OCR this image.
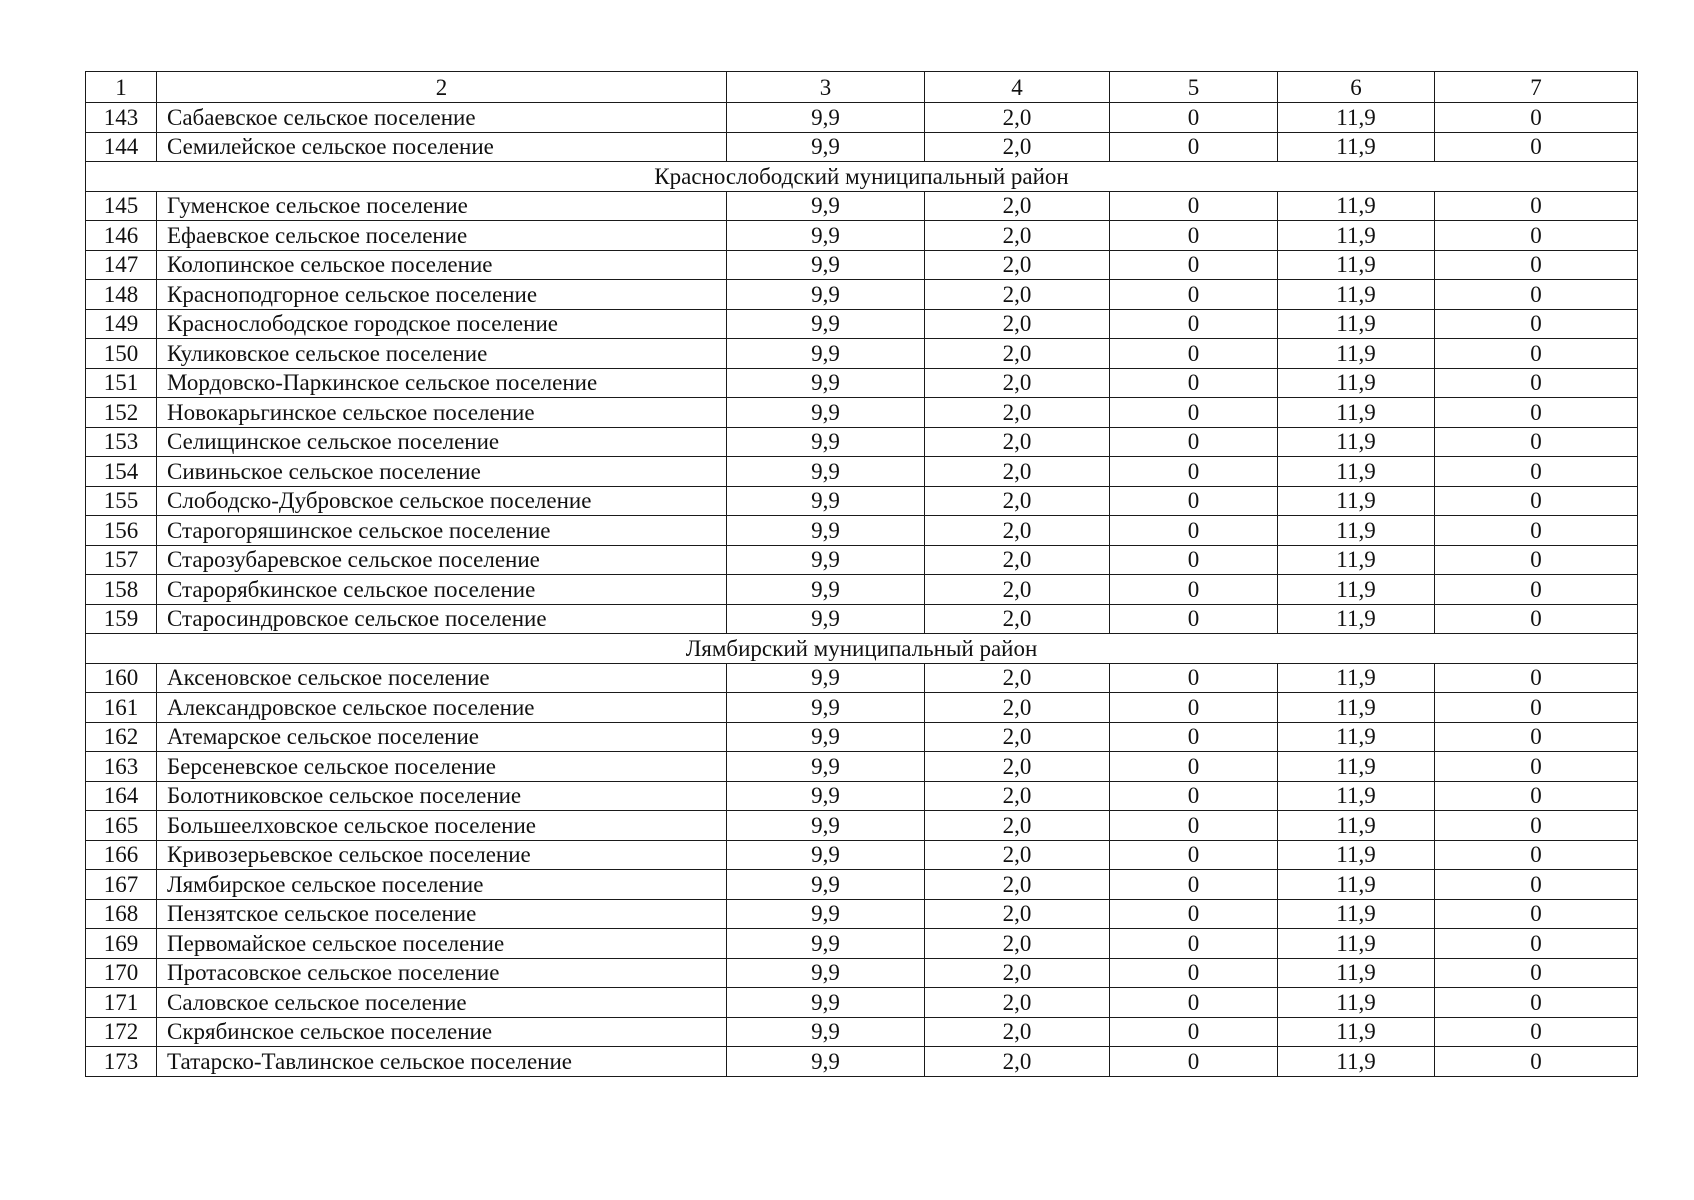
1	2	3	4	5	6	7
143	Сабаевское сельское поселение	9,9	2,0	0	11,9	0
144	Семилейское сельское поселение	9,9	2,0	0	11,9	0
Краснослободский муниципальный район						
145	Гуменское сельское поселение	9,9	2,0	0	11,9	0
146	Ефаевское сельское поселение	9,9	2,0	0	11,9	0
147	Колопинское сельское поселение	9,9	2,0	0	11,9	0
148	Красноподгорное сельское поселение	9,9	2,0	0	11,9	0
149	Краснослободское городское поселение	9,9	2,0	0	11,9	0
150	Куликовское сельское поселение	9,9	2,0	0	11,9	0
151	Мордовско-Паркинское сельское поселение	9,9	2,0	0	11,9	0
152	Новокарьгинское сельское поселение	9,9	2,0	0	11,9	0
153	Селищинское сельское поселение	9,9	2,0	0	11,9	0
154	Сивиньское сельское поселение	9,9	2,0	0	11,9	0
155	Слободско-Дубровское сельское поселение	9,9	2,0	0	11,9	0
156	Старогоряшинское сельское поселение	9,9	2,0	0	11,9	0
157	Старозубаревское сельское поселение	9,9	2,0	0	11,9	0
158	Старорябкинское сельское поселение	9,9	2,0	0	11,9	0
159	Старосиндровское сельское поселение	9,9	2,0	0	11,9	0
Лямбирский муниципальный район						
160	Аксеновское сельское поселение	9,9	2,0	0	11,9	0
161	Александровское сельское поселение	9,9	2,0	0	11,9	0
162	Атемарское сельское поселение	9,9	2,0	0	11,9	0
163	Берсеневское сельское поселение	9,9	2,0	0	11,9	0
164	Болотниковское сельское поселение	9,9	2,0	0	11,9	0
165	Большеелховское сельское поселение	9,9	2,0	0	11,9	0
166	Кривозерьевское сельское поселение	9,9	2,0	0	11,9	0
167	Лямбирское сельское поселение	9,9	2,0	0	11,9	0
168	Пензятское сельское поселение	9,9	2,0	0	11,9	0
169	Первомайское сельское поселение	9,9	2,0	0	11,9	0
170	Протасовское сельское поселение	9,9	2,0	0	11,9	0
171	Саловское сельское поселение	9,9	2,0	0	11,9	0
172	Скрябинское сельское поселение	9,9	2,0	0	11,9	0
173	Татарско-Тавлинское сельское поселение	9,9	2,0	0	11,9	0
